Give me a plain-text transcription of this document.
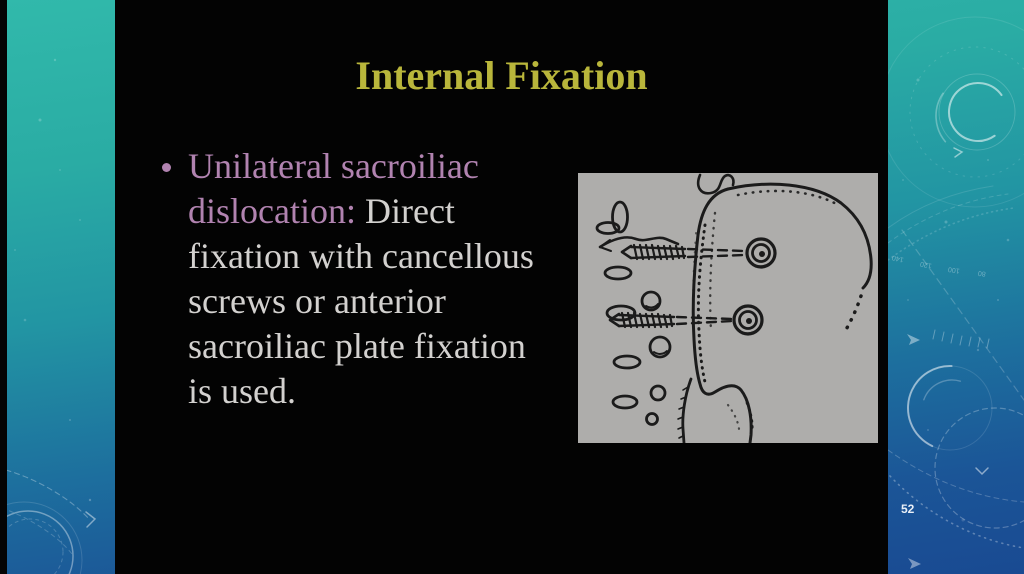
140
120
100 80
52
Internal Fixation
Unilateral sacroiliac
dislocation: Direct
fixation with cancellous
screws or anterior
sacroiliac plate fixation
is used.
